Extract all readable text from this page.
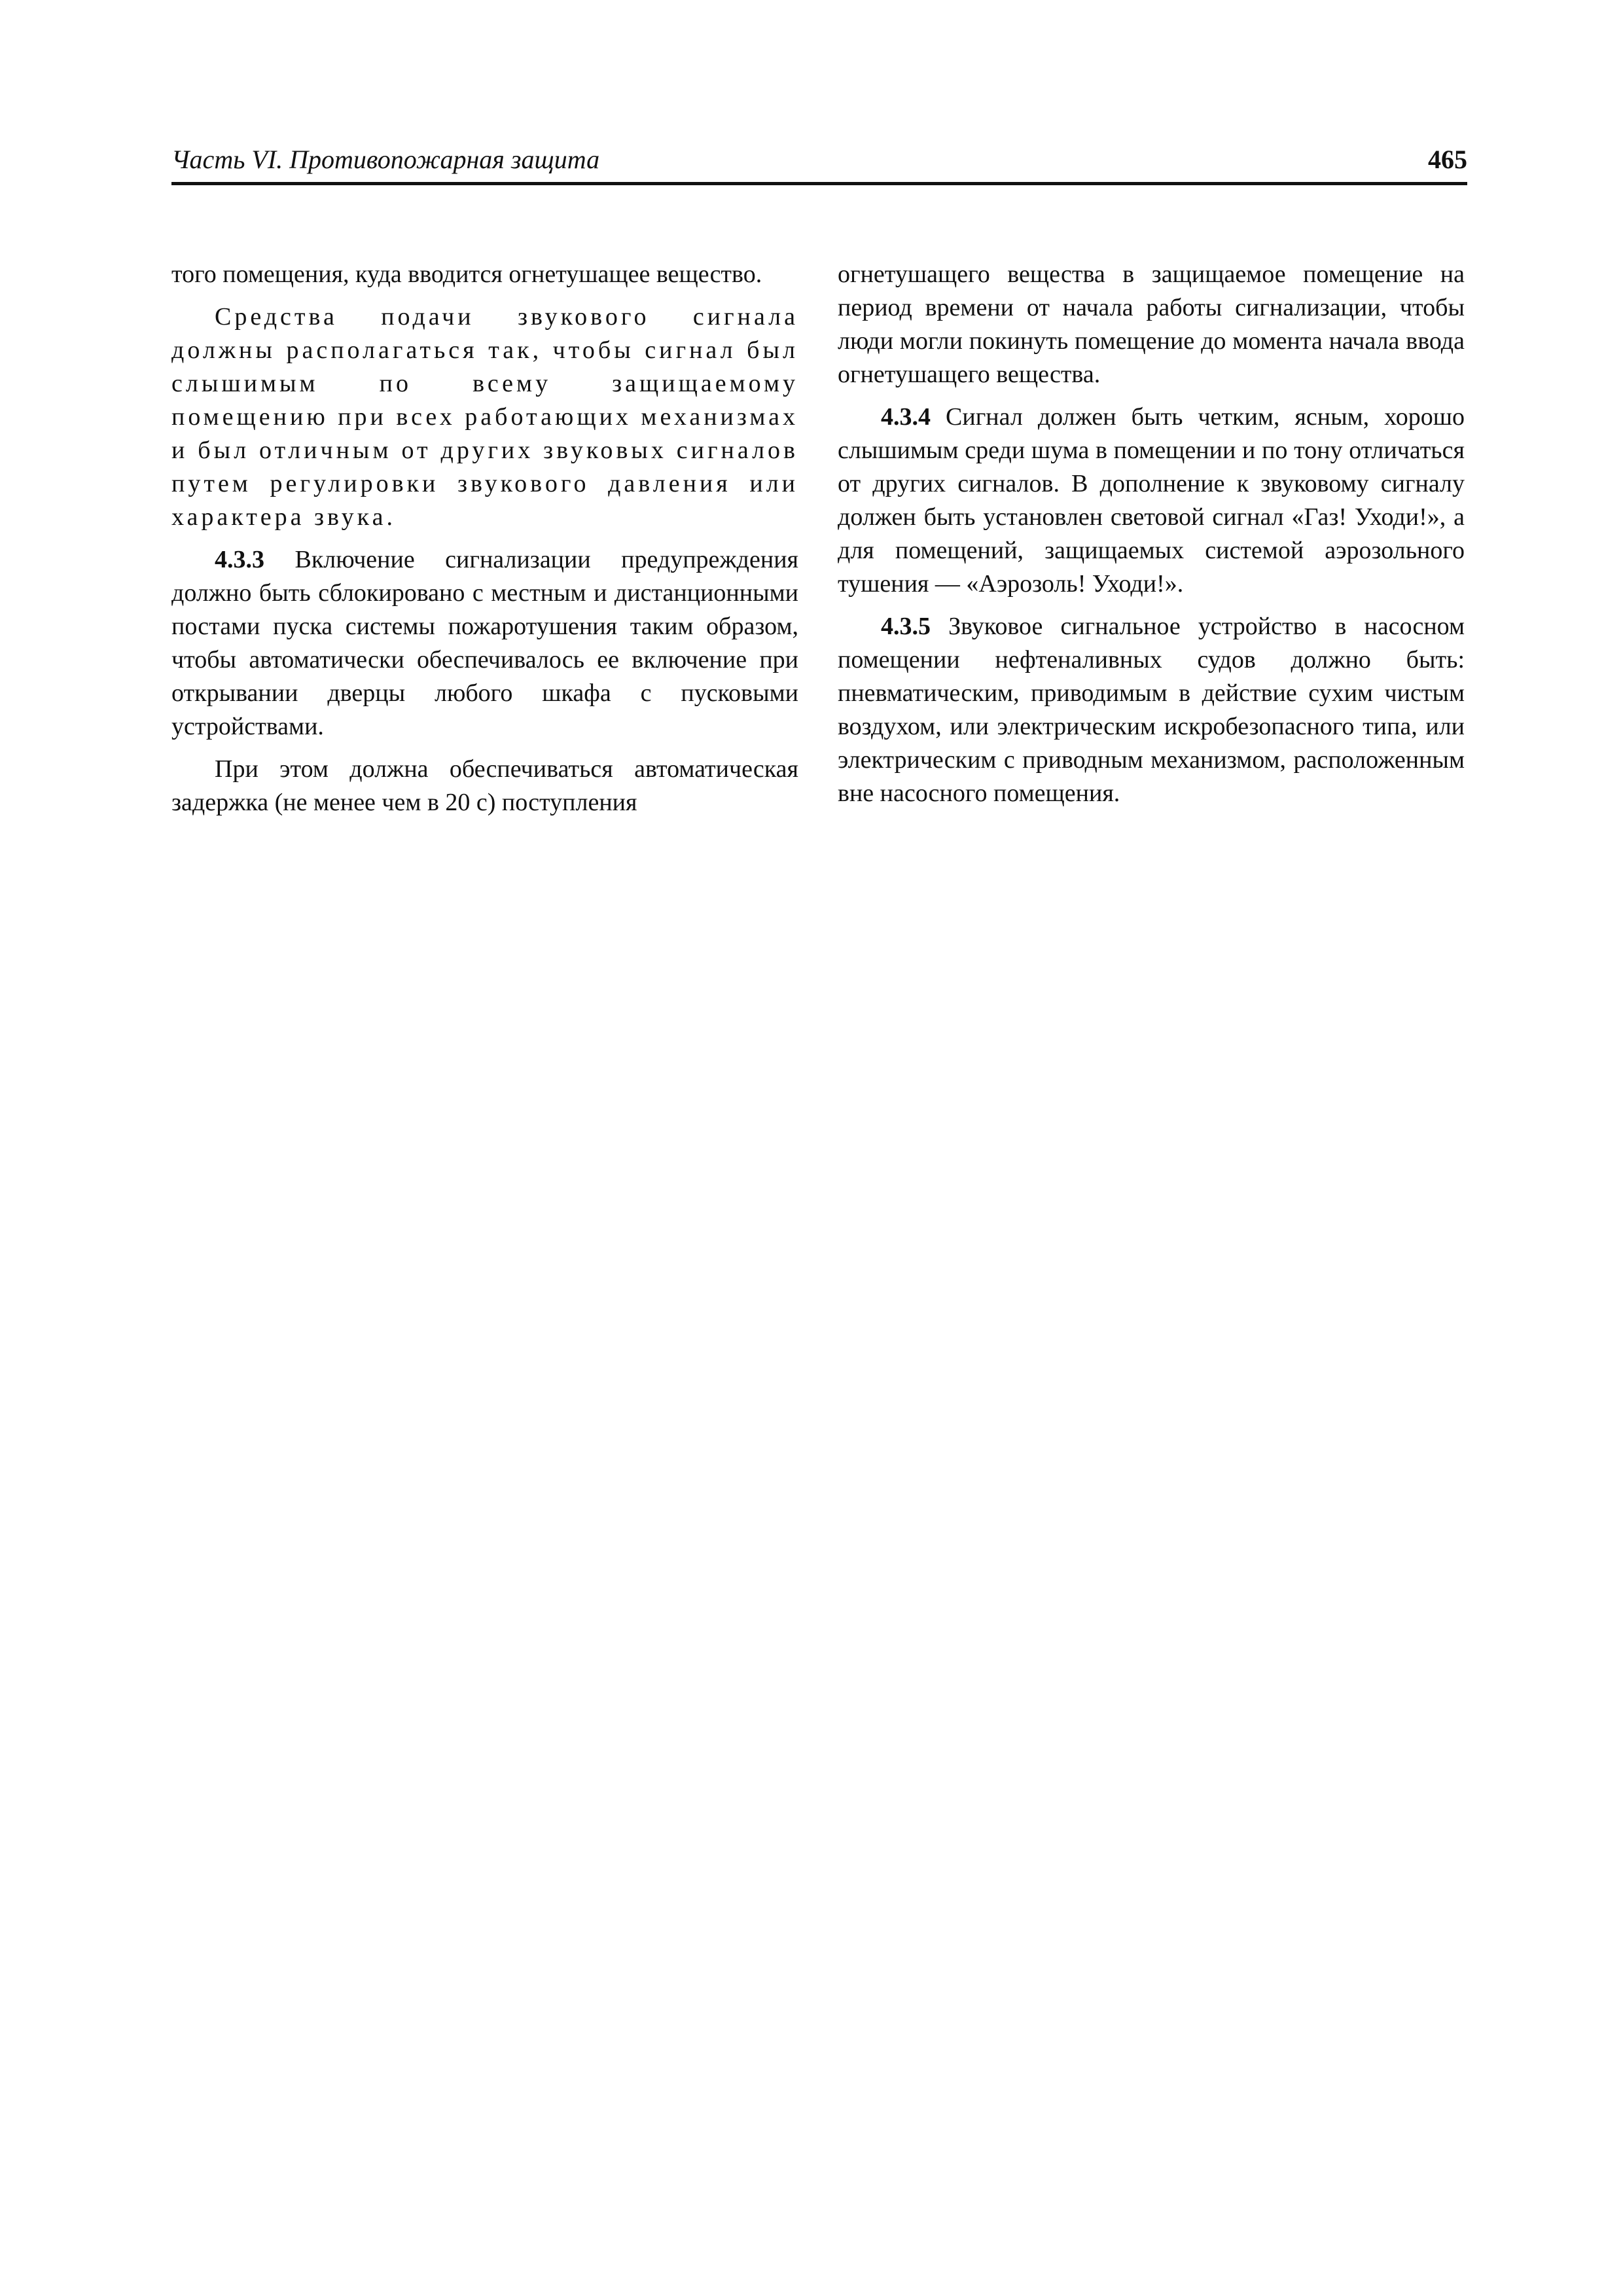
Часть VI. Противопожарная защита	465

того помещения, куда вводится огнетушащее вещество.

Средства подачи звукового сигнала должны располагаться так, чтобы сигнал был слышимым по всему защищаемому помещению при всех работающих механизмах и был отличным от других звуковых сигналов путем регулировки звукового давления или характера звука.

4.3.3 Включение сигнализации предупреждения должно быть сблокировано с местным и дистанционными постами пуска системы пожаротушения таким образом, чтобы автоматически обеспечивалось ее включение при открывании дверцы любого шкафа с пусковыми устройствами.

При этом должна обеспечиваться автоматическая задержка (не менее чем в 20 с) поступления

огнетушащего вещества в защищаемое помещение на период времени от начала работы сигнализации, чтобы люди могли покинуть помещение до момента начала ввода огнетушащего вещества.

4.3.4 Сигнал должен быть четким, ясным, хорошо слышимым среди шума в помещении и по тону отличаться от других сигналов. В дополнение к звуковому сигналу должен быть установлен световой сигнал «Газ! Уходи!», а для помещений, защищаемых системой аэрозольного тушения — «Аэрозоль! Уходи!».

4.3.5 Звуковое сигнальное устройство в насосном помещении нефтеналивных судов должно быть: пневматическим, приводимым в действие сухим чистым воздухом, или электрическим искробезопасного типа, или электрическим с приводным механизмом, расположенным вне насосного помещения.
